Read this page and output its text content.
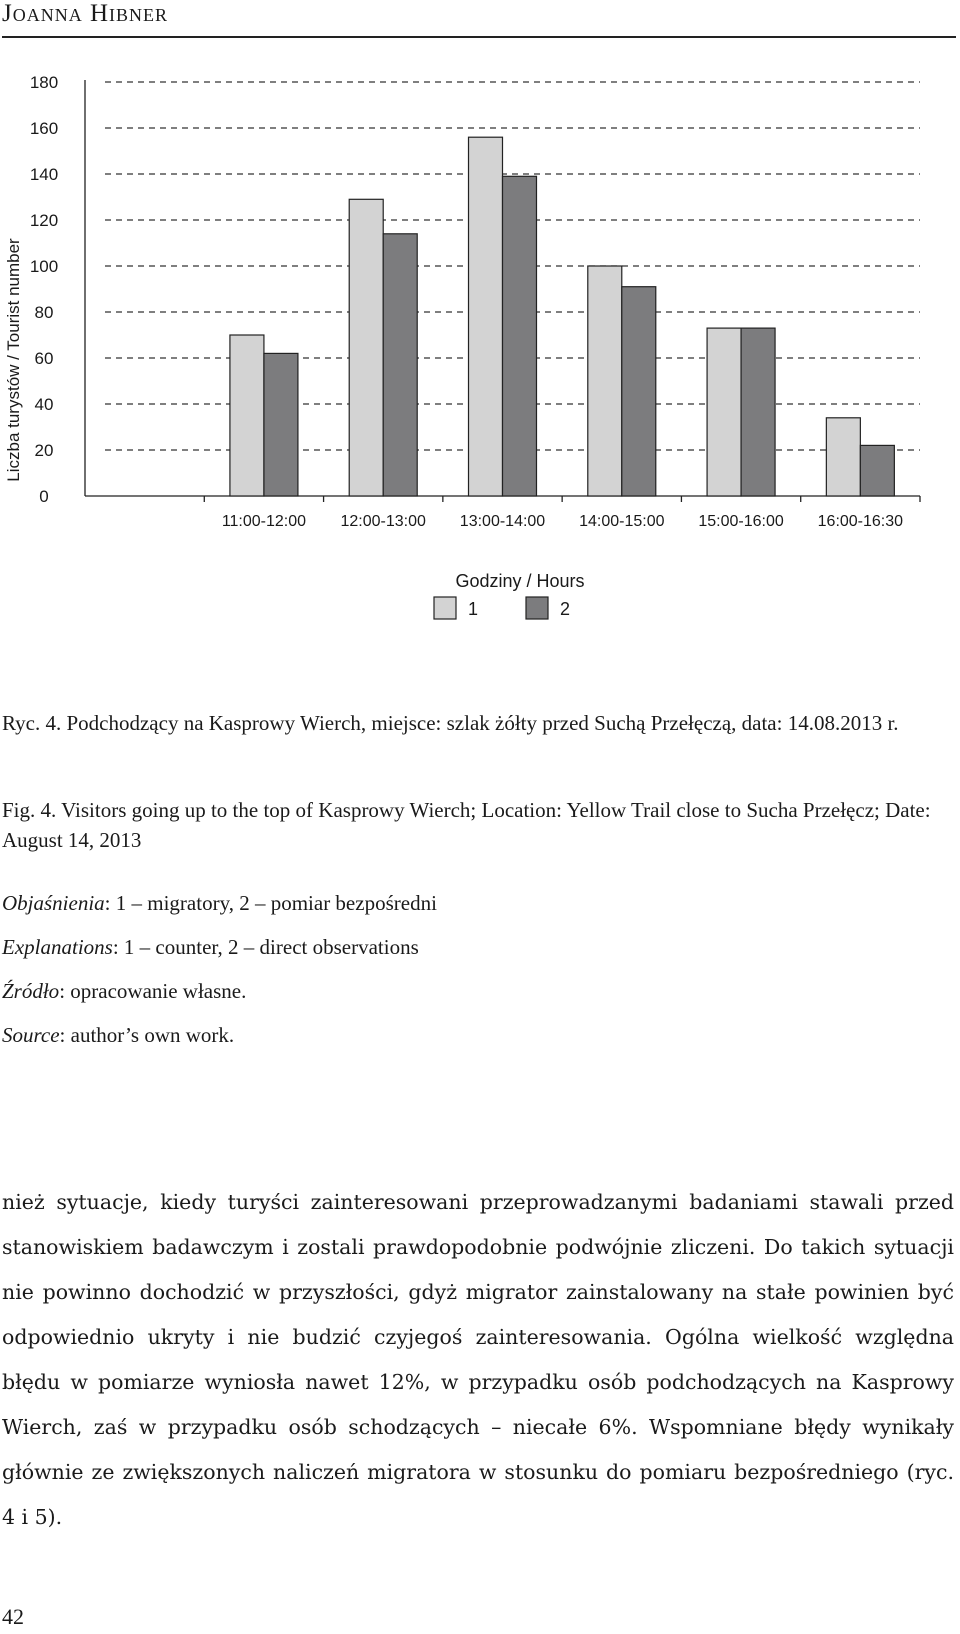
Joanna Hibner
0
20
40
60
80
100
120
140
160
180
11:00-12:00 12:00-13:00 13:00-14:00 14:00-15:00 15:00-16:00 16:00-16:30
Liczba turystów / Tourist number
Godziny / Hours
1	2
Ryc. 4. Podchodzący na Kasprowy Wierch, miejsce: szlak żółty przed Suchą Przełęczą, data: 14.08.2013 r.
Fig. 4. Visitors going up to the top of Kasprowy Wierch; Location: Yellow Trail close to Sucha Przełęcz; Date: August 14, 2013
Objaśnienia: 1 – migratory, 2 – pomiar bezpośredni
Explanations: 1 – counter, 2 – direct observations
Źródło: opracowanie własne.
Source: author’s own work.
nież sytuacje, kiedy turyści zainteresowani przeprowadzanymi badaniami stawali przed stanowiskiem badawczym i zostali prawdopodobnie podwójnie zliczeni. Do takich sytuacji nie powinno dochodzić w przyszłości, gdyż migrator zainstalowany na stałe powinien być odpowiednio ukryty i nie budzić czyjegoś zainteresowania. Ogólna wielkość względna błędu w pomiarze wyniosła nawet 12%, w przypadku osób podchodzących na Kasprowy Wierch, zaś w przypadku osób schodzących – niecałe 6%. Wspomniane błędy wynikały głównie ze zwiększonych naliczeń migratora w stosunku do pomiaru bezpośredniego (ryc. 4 i 5).
42
